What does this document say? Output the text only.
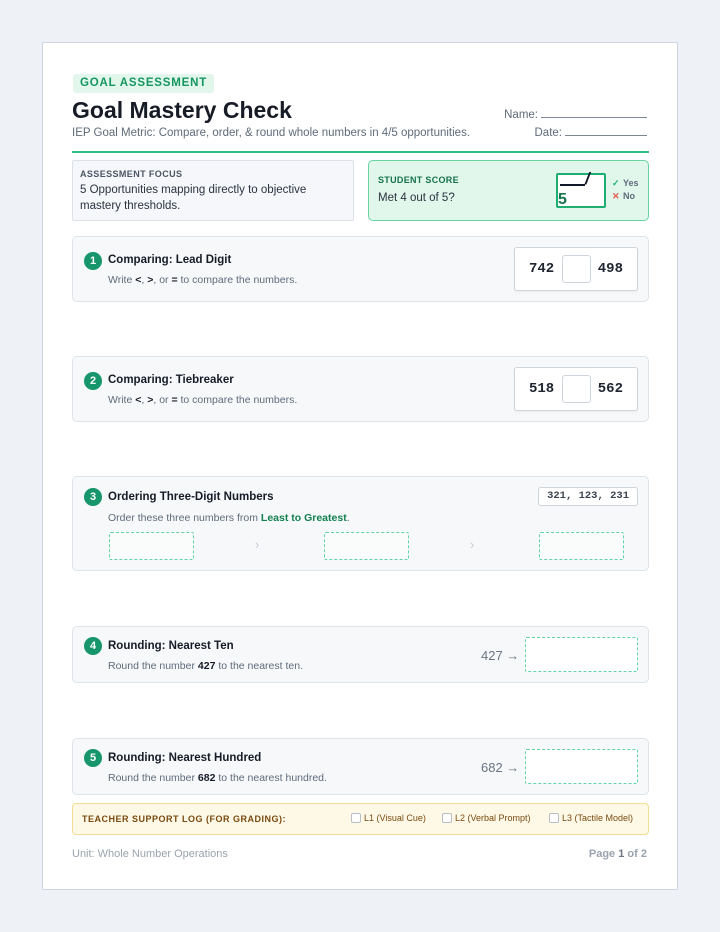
GOAL ASSESSMENT
Goal Mastery Check
IEP Goal Metric: Compare, order, & round whole numbers in 4/5 opportunities.
Name:
Date:
ASSESSMENT FOCUS
5 Opportunities mapping directly to objective mastery thresholds.
STUDENT SCORE
Met 4 out of 5?
/
5
✓ Yes
✕ No
1	Comparing: Lead Digit
Write <, >, or = to compare the numbers.
742	498
2	Comparing: Tiebreaker
Write <, >, or = to compare the numbers.
518	562
3	Ordering Three-Digit Numbers
Order these three numbers from Least to Greatest.
321, 123, 231
›	›
4	Rounding: Nearest Ten
Round the number 427 to the nearest ten.
427 →
5	Rounding: Nearest Hundred
Round the number 682 to the nearest hundred.
682 →
TEACHER SUPPORT LOG (FOR GRADING):	L1 (Visual Cue)	L2 (Verbal Prompt)	L3 (Tactile Model)
Unit: Whole Number Operations	Page 1 of 2
